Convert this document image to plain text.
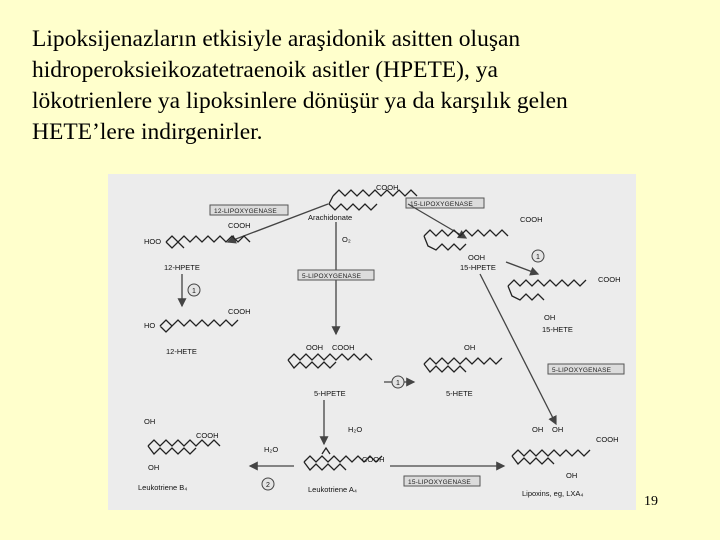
Lipoksijenazların etkisiyle araşidonik asitten oluşan
hidroperoksieikozatetraenoik asitler (HPETE), ya
lökotrienlere ya lipoksinlere dönüşür ya da karşılık gelen
HETE’lere indirgenirler.

COOH
Arachidonate
12-LIPOXYGENASE
15-LIPOXYGENASE
O₂
5-LIPOXYGENASE
HOO
COOH
12-HPETE
1
HO
COOH
12-HETE
COOH
OOH
15-HPETE
1
COOH
OH
15-HETE
5-LIPOXYGENASE
COOH
OOH
5-HPETE
1
OH
5-HETE
H₂O
COOH
Leukotriene A₄
H₂O
2
OH
COOH
OH
Leukotriene B₄
15-LIPOXYGENASE
OH OH
COOH
OH
Lipoxins, eg, LXA₄
19
